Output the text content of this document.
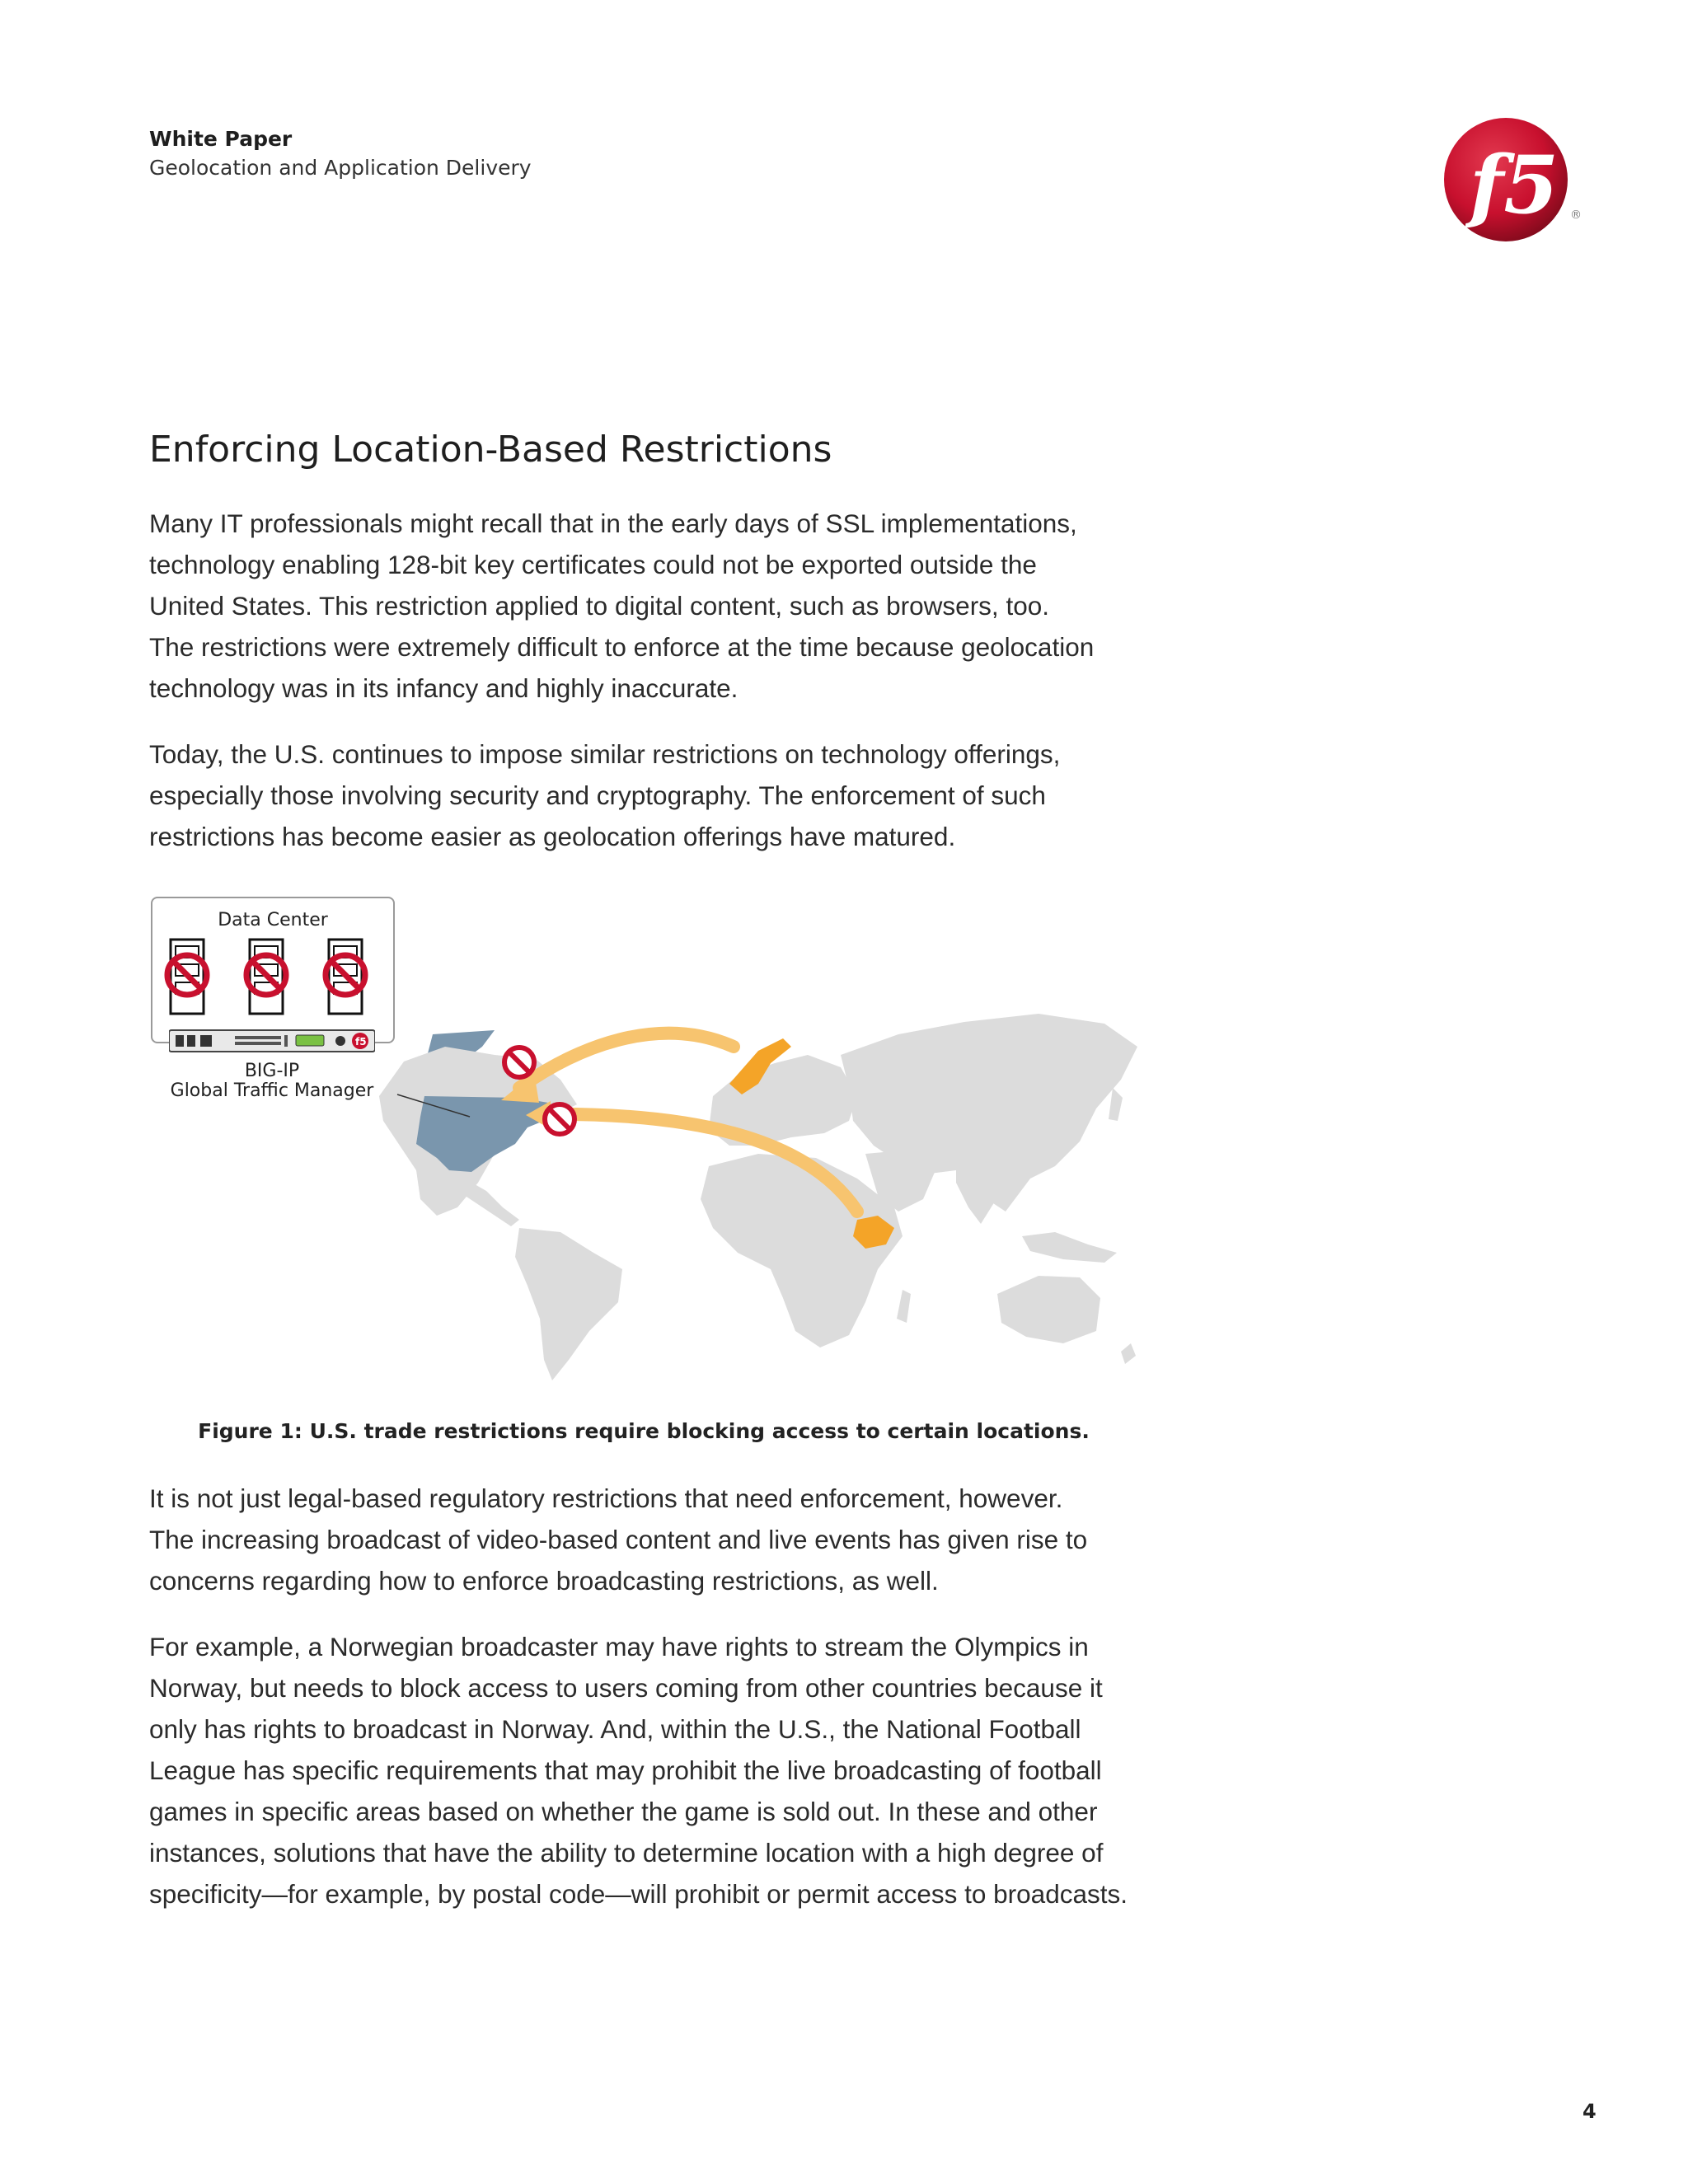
White Paper
Geolocation and Application Delivery	f5 ®
Enforcing Location-Based Restrictions

Many IT professionals might recall that in the early days of SSL implementations,
technology enabling 128-bit key certificates could not be exported outside the
United States. This restriction applied to digital content, such as browsers, too.
The restrictions were extremely difficult to enforce at the time because geolocation
technology was in its infancy and highly inaccurate.

Today, the U.S. continues to impose similar restrictions on technology offerings,
especially those involving security and cryptography. The enforcement of such
restrictions has become easier as geolocation offerings have matured.

Data Center
f5
BIG-IP
Global Traffic Manager
Figure 1: U.S. trade restrictions require blocking access to certain locations.

It is not just legal-based regulatory restrictions that need enforcement, however.
The increasing broadcast of video-based content and live events has given rise to
concerns regarding how to enforce broadcasting restrictions, as well.

For example, a Norwegian broadcaster may have rights to stream the Olympics in
Norway, but needs to block access to users coming from other countries because it
only has rights to broadcast in Norway. And, within the U.S., the National Football
League has specific requirements that may prohibit the live broadcasting of football
games in specific areas based on whether the game is sold out. In these and other
instances, solutions that have the ability to determine location with a high degree of
specificity—for example, by postal code—will prohibit or permit access to broadcasts.

4
